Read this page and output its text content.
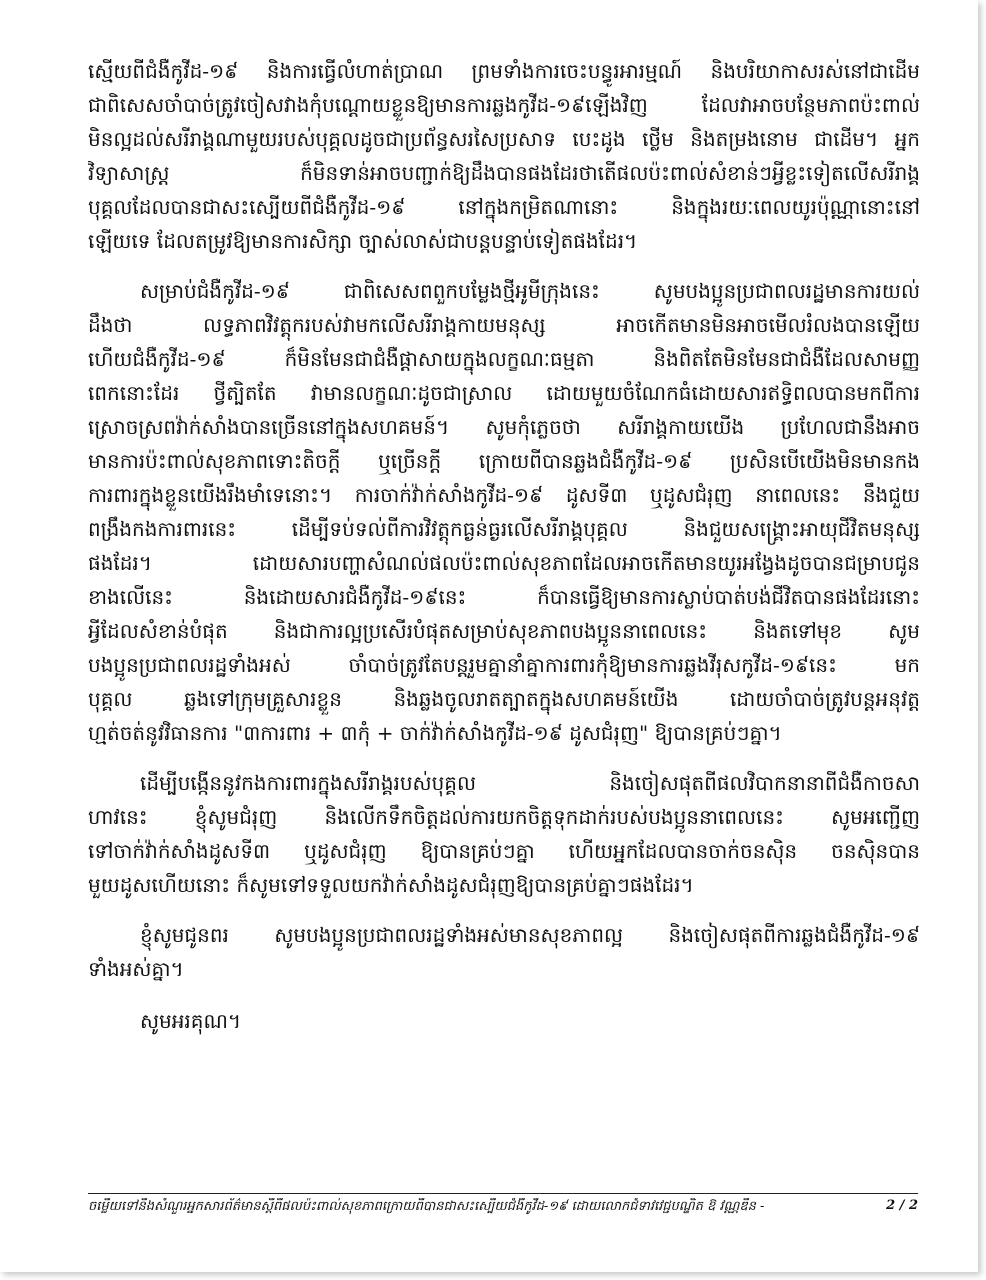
ស្មើយពីជំងឺកូវីដ-១៩ និងការធ្វើលំហាត់ប្រាណ ព្រមទាំងការចេះបន្ធូរអារម្មណ៍ និងបរិយាកាសរស់នៅជាដើម
ជាពិសេសចាំបាច់ត្រូវចៀសវាងកុំបណ្តោយខ្លួនឱ្យមានការឆ្លងកូវីដ-១៩ឡើងវិញ ដែលវាអាចបន្ថែមភាពប៉ះពាល់
មិនល្អដល់សរីរាង្គណាមួយរបស់បុគ្គលដូចជាប្រព័ន្ធសរសៃប្រសាទ បេះដូង ថ្លើម និងតម្រងនោម ជាដើម។ អ្នក
វិទ្យាសាស្ត្រ ក៏មិនទាន់អាចបញ្ជាក់ឱ្យដឹងបានផងដែរថាតើផលប៉ះពាល់សំខាន់ៗអ្វីខ្លះទៀតលើសរីរាង្គ
បុគ្គលដែលបានជាសះស្បើយពីជំងឺកូវីដ-១៩ នៅក្នុងកម្រិតណានោះ និងក្នុងរយៈពេលយូរប៉ុណ្ណានោះនៅ
ឡើយទេ ដែលតម្រូវឱ្យមានការសិក្សា ច្បាស់លាស់ជាបន្តបន្ទាប់ទៀតផងដែរ។
សម្រាប់ជំងឺកូវីដ-១៩ ជាពិសេសពពួកបម្លែងថ្មីអូមីក្រុងនេះ សូមបងប្អូនប្រជាពលរដ្ឋមានការយល់
ដឹងថា លទ្ធភាពវិវត្តុករបស់វាមកលើសរីរាង្គកាយមនុស្ស អាចកើតមានមិនអាចមើលរំលងបានឡើយ
ហើយជំងឺកូវីដ-១៩ ក៏មិនមែនជាជំងឺផ្ដាសាយក្នុងលក្ខណៈធម្មតា និងពិតតែមិនមែនជាជំងឺដែលសាមញ្ញ
ពេកនោះដែរ ថ្វីត្បិតតែ វាមានលក្ខណៈដូចជាស្រាល ដោយមួយចំណែកធំដោយសារឥទ្ធិពលបានមកពីការ
ស្រោចស្រពវ៉ាក់សាំងបានច្រើននៅក្នុងសហគមន៍។ សូមកុំភ្លេចថា សរីរាង្គកាយយើង ប្រហែលជានឹងអាច
មានការប៉ះពាល់សុខភាពទោះតិចក្ដី ឬច្រើនក្ដី ក្រោយពីបានឆ្លងជំងឺកូវីដ-១៩ ប្រសិនបើយើងមិនមានកង
ការពារក្នុងខ្លួនយើងរឹងមាំទេនោះ។ ការចាក់វ៉ាក់សាំងកូវីដ-១៩ ដូសទី៣ ឬដូសជំរុញ នាពេលនេះ នឹងជួយ
ពង្រឹងកងការពារនេះ ដើម្បីទប់ទល់ពីការវិវត្តុកធ្ងន់ធ្ងរលើសរីរាង្គបុគ្គល និងជួយសង្គ្រោះអាយុជីវិតមនុស្ស
ផងដែរ។ ដោយសារបញ្ហាសំណល់ផលប៉ះពាល់សុខភាពដែលអាចកើតមានយូរអង្វែងដូចបានជម្រាបជូន
ខាងលើនេះ និងដោយសារជំងឺកូវីដ-១៩នេះ ក៏បានធ្វើឱ្យមានការស្លាប់បាត់បង់ជីវិតបានផងដែរនោះ
អ្វីដែលសំខាន់បំផុត និងជាការល្អប្រសើរបំផុតសម្រាប់សុខភាពបងប្អូននាពេលនេះ និងតទៅមុខ សូម
បងប្អូនប្រជាពលរដ្ឋទាំងអស់ ចាំបាច់ត្រូវតែបន្តរួមគ្នានាំគ្នាការពារកុំឱ្យមានការឆ្លងវីរុសកូវីដ-១៩នេះ មក
បុគ្គល ឆ្លងទៅក្រុមគ្រួសារខ្លួន និងឆ្លងចូលរាតត្បាតក្នុងសហគមន៍យើង ដោយចាំបាច់ត្រូវបន្តអនុវត្ត
ហ្មត់ចត់នូវវិធានការ "៣ការពារ + ៣កុំ + ចាក់វ៉ាក់សាំងកូវីដ-១៩ ដូសជំរុញ" ឱ្យបានគ្រប់ៗគ្នា។
ដើម្បីបង្កើននូវកងការពារក្នុងសរីរាង្គរបស់បុគ្គល និងចៀសផុតពីផលវិបាកនានាពីជំងឺកាចសា
ហាវនេះ ខ្ញុំសូមជំរុញ និងលើកទឹកចិត្តដល់ការយកចិត្តទុកដាក់របស់បងប្អូននាពេលនេះ សូមអញ្ជើញ
ទៅចាក់វ៉ាក់សាំងដូសទី៣ ឬដូសជំរុញ ឱ្យបានគ្រប់ៗគ្នា ហើយអ្នកដែលបានចាក់ចនស៊ិន ចនស៊ិនបាន
មួយដូសហើយនោះ ក៏សូមទៅទទួលយកវ៉ាក់សាំងដូសជំរុញឱ្យបានគ្រប់គ្នាៗផងដែរ។
ខ្ញុំសូមជូនពរ សូមបងប្អូនប្រជាពលរដ្ឋទាំងអស់មានសុខភាពល្អ និងចៀសផុតពីការឆ្លងជំងឺកូវីដ-១៩
ទាំងអស់គ្នា។
សូមអរគុណ។
ចម្លើយទៅនឹងសំណួរអ្នកសារព័ត៌មានស្ដីពីផលប៉ះពាល់សុខភាពក្រោយពីបានជាសះស្បើយជំងឺកូវីដ-១៩ ដោយលោកជំទាវវេជ្ជបណ្ឌិត ឱ វណ្ណឌីន -	2 / 2
